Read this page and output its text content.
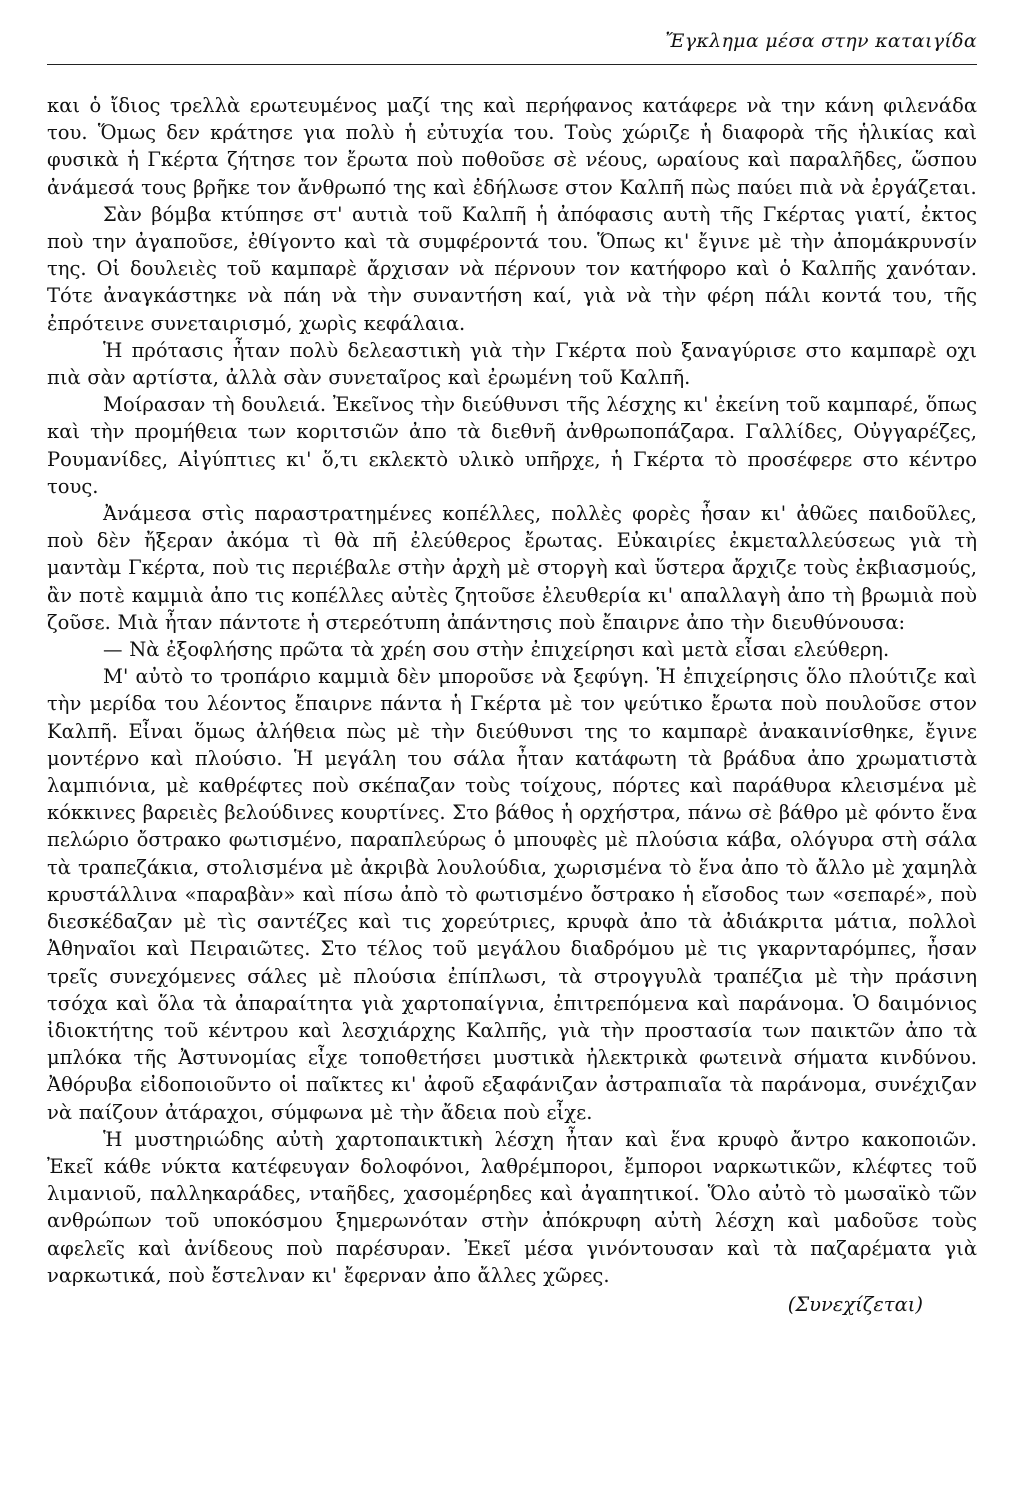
Ἔγκλημα μέσα στην καταιγίδα

και ὁ ἴδιος τρελλὰ ερωτευμένος μαζί της καὶ περήφανος κατάφερε νὰ την κάνη φιλενάδα του. Ὅμως δεν κράτησε για πολὺ ἡ εὐτυχία του. Τοὺς χώριζε ἡ διαφορὰ τῆς ἡλικίας καὶ φυσικὰ ἡ Γκέρτα ζήτησε τον ἔρωτα ποὺ ποθοῦσε σὲ νέους, ωραίους καὶ παραλῆδες, ὥσπου ἀνάμεσά τους βρῆκε τον ἄνθρωπό της καὶ ἐδήλωσε στον Καλπῆ πὼς παύει πιὰ νὰ ἐργάζεται.

Σὰν βόμβα κτύπησε στ' αυτιὰ τοῦ Καλπῆ ἡ ἀπόφασις αυτὴ τῆς Γκέρτας γιατί, ἐκτος ποὺ την ἀγαποῦσε, ἐθίγοντο καὶ τὰ συμφέροντά του. Ὅπως κι' ἔγινε μὲ τὴν ἀπομάκρυνσίν της. Οἱ δουλειὲς τοῦ καμπαρὲ ἄρχισαν νὰ πέρνουν τον κατήφορο καὶ ὁ Καλπῆς χανόταν. Τότε ἀναγκάστηκε νὰ πάη νὰ τὴν συναντήση καί, γιὰ νὰ τὴν φέρη πάλι κοντά του, τῆς ἐπρότεινε συνεταιρισμό, χωρὶς κεφάλαια.

Ἡ πρότασις ἦταν πολὺ δελεαστικὴ γιὰ τὴν Γκέρτα ποὺ ξαναγύρισε στο καμπαρὲ οχι πιὰ σὰν αρτίστα, ἀλλὰ σὰν συνεταῖρος καὶ ἐρωμένη τοῦ Καλπῆ.

Μοίρασαν τὴ δουλειά. Ἐκεῖνος τὴν διεύθυνσι τῆς λέσχης κι' ἐκείνη τοῦ καμπαρέ, ὅπως καὶ τὴν προμήθεια των κοριτσιῶν ἀπο τὰ διεθνῆ ἀνθρωποπάζαρα. Γαλλίδες, Οὐγγαρέζες, Ρουμανίδες, Αἰγύπτιες κι' ὅ,τι εκλεκτὸ υλικὸ υπῆρχε, ἡ Γκέρτα τὸ προσέφερε στο κέντρο τους.

Ἀνάμεσα στὶς παραστρατημένες κοπέλλες, πολλὲς φορὲς ἦσαν κι' ἀθῶες παιδοῦλες, ποὺ δὲν ἤξεραν ἀκόμα τὶ θὰ πῆ ἐλεύθερος ἔρωτας. Εὐκαιρίες ἐκμεταλλεύσεως γιὰ τὴ μαντὰμ Γκέρτα, ποὺ τις περιέβαλε στὴν ἀρχὴ μὲ στοργὴ καὶ ὕστερα ἄρχιζε τοὺς ἐκβιασμούς, ἂν ποτὲ καμμιὰ ἀπο τις κοπέλλες αὐτὲς ζητοῦσε ἐλευθερία κι' απαλλαγὴ ἀπο τὴ βρωμιὰ ποὺ ζοῦσε. Μιὰ ἦταν πάντοτε ἡ στερεότυπη ἀπάντησις ποὺ ἔπαιρνε ἀπο τὴν διευθύνουσα:

— Νὰ ἐξοφλήσης πρῶτα τὰ χρέη σου στὴν ἐπιχείρησι καὶ μετὰ εἶσαι ελεύθερη.

Μ' αὐτὸ το τροπάριο καμμιὰ δὲν μποροῦσε νὰ ξεφύγη. Ἡ ἐπιχείρησις ὅλο πλούτιζε καὶ τὴν μερίδα του λέοντος ἔπαιρνε πάντα ἡ Γκέρτα μὲ τον ψεύτικο ἔρωτα ποὺ πουλοῦσε στον Καλπῆ. Εἶναι ὅμως ἀλήθεια πὼς μὲ τὴν διεύθυνσι της το καμπαρὲ ἀνακαινίσθηκε, ἔγινε μοντέρνο καὶ πλούσιο. Ἡ μεγάλη του σάλα ἦταν κατάφωτη τὰ βράδυα ἀπο χρωματιστὰ λαμπιόνια, μὲ καθρέφτες ποὺ σκέπαζαν τοὺς τοίχους, πόρτες καὶ παράθυρα κλεισμένα μὲ κόκκινες βαρειὲς βελούδινες κουρτίνες. Στο βάθος ἡ ορχήστρα, πάνω σὲ βάθρο μὲ φόντο ἕνα πελώριο ὄστρακο φωτισμένο, παραπλεύρως ὁ μπουφὲς μὲ πλούσια κάβα, ολόγυρα στὴ σάλα τὰ τραπεζάκια, στολισμένα μὲ ἀκριβὰ λουλούδια, χωρισμένα τὸ ἕνα ἀπο τὸ ἄλλο μὲ χαμηλὰ κρυστάλλινα «παραβὰν» καὶ πίσω ἀπὸ τὸ φωτισμένο ὄστρακο ἡ εἴσοδος των «σεπαρέ», ποὺ διεσκέδαζαν μὲ τὶς σαντέζες καὶ τις χορεύτριες, κρυφὰ ἀπο τὰ ἀδιάκριτα μάτια, πολλοὶ Ἀθηναῖοι καὶ Πειραιῶτες. Στο τέλος τοῦ μεγάλου διαδρόμου μὲ τις γκαρνταρόμπες, ἦσαν τρεῖς συνεχόμενες σάλες μὲ πλούσια ἐπίπλωσι, τὰ στρογγυλὰ τραπέζια μὲ τὴν πράσινη τσόχα καὶ ὅλα τὰ ἀπαραίτητα γιὰ χαρτοπαίγνια, ἐπιτρεπόμενα καὶ παράνομα. Ὁ δαιμόνιος ἰδιοκτήτης τοῦ κέντρου καὶ λεσχιάρχης Καλπῆς, γιὰ τὴν προστασία των παικτῶν ἀπο τὰ μπλόκα τῆς Ἀστυνομίας εἶχε τοποθετήσει μυστικὰ ἠλεκτρικὰ φωτεινὰ σήματα κινδύνου. Ἀθόρυβα εἰδοποιοῦντο οἱ παῖκτες κι' ἀφοῦ εξαφάνιζαν ἀστραπιαῖα τὰ παράνομα, συνέχιζαν νὰ παίζουν ἀτάραχοι, σύμφωνα μὲ τὴν ἄδεια ποὺ εἶχε.

Ἡ μυστηριώδης αὐτὴ χαρτοπαικτικὴ λέσχη ἦταν καὶ ἕνα κρυφὸ ἄντρο κακοποιῶν. Ἐκεῖ κάθε νύκτα κατέφευγαν δολοφόνοι, λαθρέμποροι, ἔμποροι ναρκωτικῶν, κλέφτες τοῦ λιμανιοῦ, παλληκαράδες, νταῆδες, χασομέρηδες καὶ ἀγαπητικοί. Ὅλο αὐτὸ τὸ μωσαϊκὸ τῶν ανθρώπων τοῦ υποκόσμου ξημερωνόταν στὴν ἀπόκρυφη αὐτὴ λέσχη καὶ μαδοῦσε τοὺς αφελεῖς καὶ ἀνίδεους ποὺ παρέσυραν. Ἐκεῖ μέσα γινόντουσαν καὶ τὰ παζαρέματα γιὰ ναρκωτικά, ποὺ ἔστελναν κι' ἔφερναν ἀπο ἄλλες χῶρες.

(Συνεχίζεται)
